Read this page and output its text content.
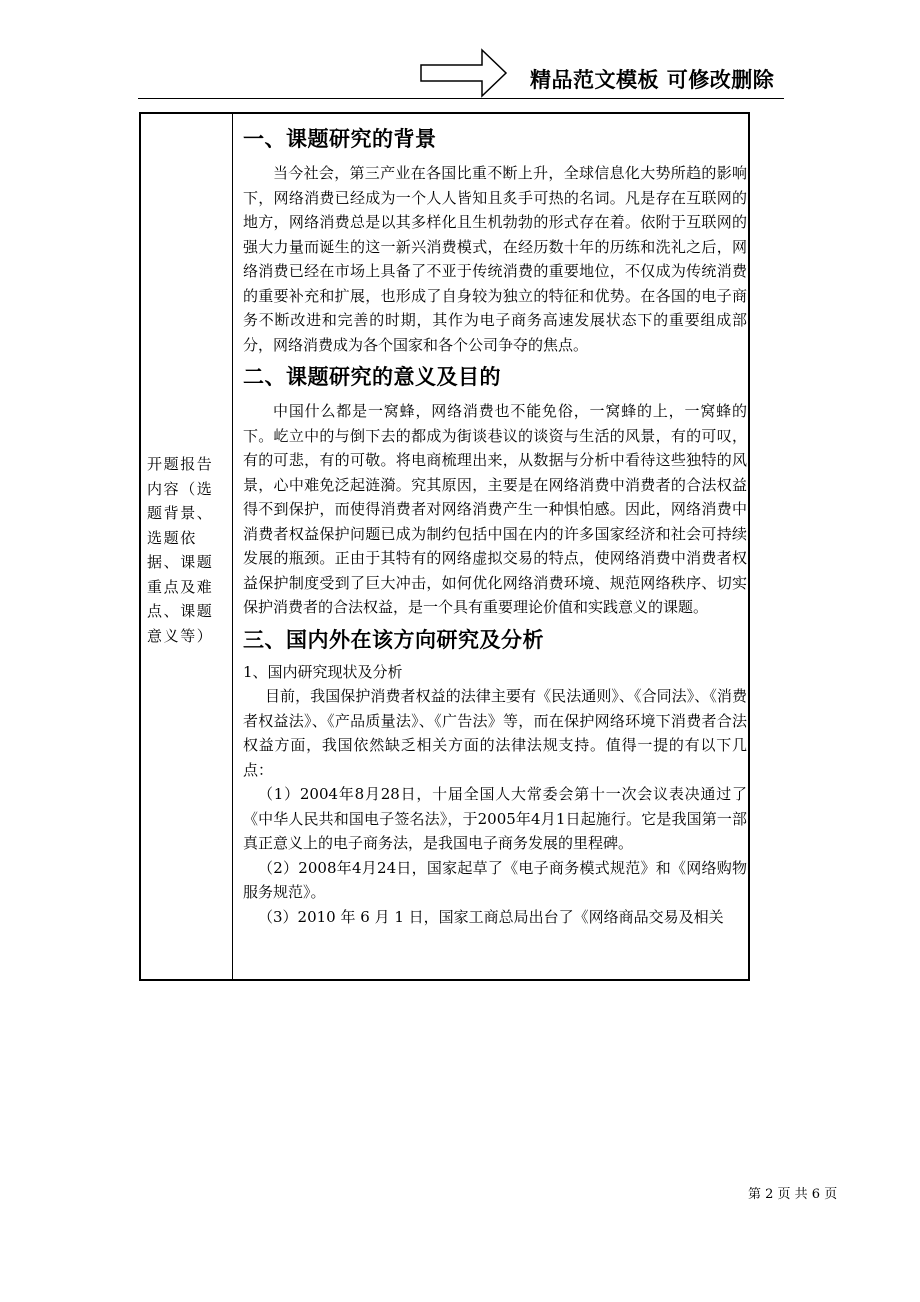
精品范文模板 可修改删除
开题报告内容（选题背景、选题依据、课题重点及难点、课题意义等）
一、课题研究的背景

当今社会，第三产业在各国比重不断上升，全球信息化大势所趋的影响下，网络消费已经成为一个人人皆知且炙手可热的名词。凡是存在互联网的地方，网络消费总是以其多样化且生机勃勃的形式存在着。依附于互联网的强大力量而诞生的这一新兴消费模式，在经历数十年的历练和洗礼之后，网络消费已经在市场上具备了不亚于传统消费的重要地位，不仅成为传统消费的重要补充和扩展，也形成了自身较为独立的特征和优势。在各国的电子商务不断改进和完善的时期，其作为电子商务高速发展状态下的重要组成部分，网络消费成为各个国家和各个公司争夺的焦点。

二、课题研究的意义及目的

中国什么都是一窝蜂，网络消费也不能免俗，一窝蜂的上，一窝蜂的下。屹立中的与倒下去的都成为街谈巷议的谈资与生活的风景，有的可叹，有的可悲，有的可敬。将电商梳理出来，从数据与分析中看待这些独特的风景，心中难免泛起涟漪。究其原因，主要是在网络消费中消费者的合法权益得不到保护，而使得消费者对网络消费产生一种惧怕感。因此，网络消费中消费者权益保护问题已成为制约包括中国在内的许多国家经济和社会可持续发展的瓶颈。正由于其特有的网络虚拟交易的特点，使网络消费中消费者权益保护制度受到了巨大冲击，如何优化网络消费环境、规范网络秩序、切实保护消费者的合法权益，是一个具有重要理论价值和实践意义的课题。

三、国内外在该方向研究及分析

1、国内研究现状及分析

目前，我国保护消费者权益的法律主要有《民法通则》、《合同法》、《消费者权益法》、《产品质量法》、《广告法》等，而在保护网络环境下消费者合法权益方面，我国依然缺乏相关方面的法律法规支持。值得一提的有以下几点：

（1）2004年8月28日，十届全国人大常委会第十一次会议表决通过了《中华人民共和国电子签名法》，于2005年4月1日起施行。它是我国第一部真正意义上的电子商务法，是我国电子商务发展的里程碑。

（2）2008年4月24日，国家起草了《电子商务模式规范》和《网络购物服务规范》。

（3）2010 年 6 月 1 日，国家工商总局出台了《网络商品交易及相关

第 2 页 共 6 页
